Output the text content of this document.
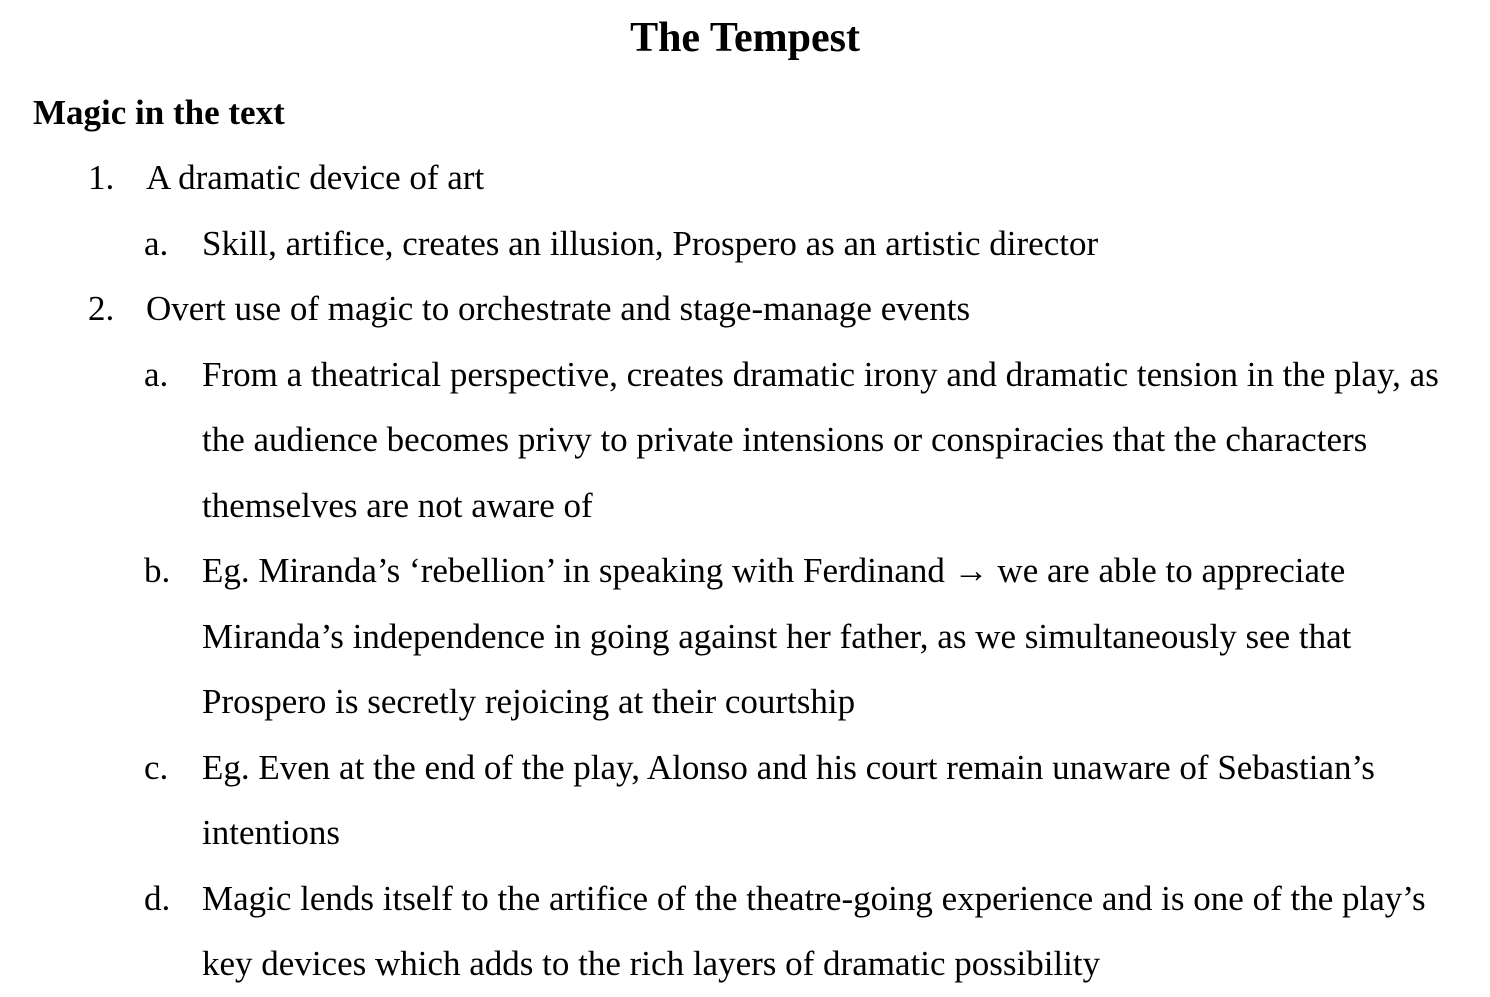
The Tempest
Magic in the text
1. A dramatic device of art
a. Skill, artifice, creates an illusion, Prospero as an artistic director
2. Overt use of magic to orchestrate and stage-manage events
a. From a theatrical perspective, creates dramatic irony and dramatic tension in the play, as the audience becomes privy to private intensions or conspiracies that the characters themselves are not aware of
b. Eg. Miranda’s ‘rebellion’ in speaking with Ferdinand → we are able to appreciate Miranda’s independence in going against her father, as we simultaneously see that Prospero is secretly rejoicing at their courtship
c. Eg. Even at the end of the play, Alonso and his court remain unaware of Sebastian’s intentions
d. Magic lends itself to the artifice of the theatre-going experience and is one of the play’s key devices which adds to the rich layers of dramatic possibility
